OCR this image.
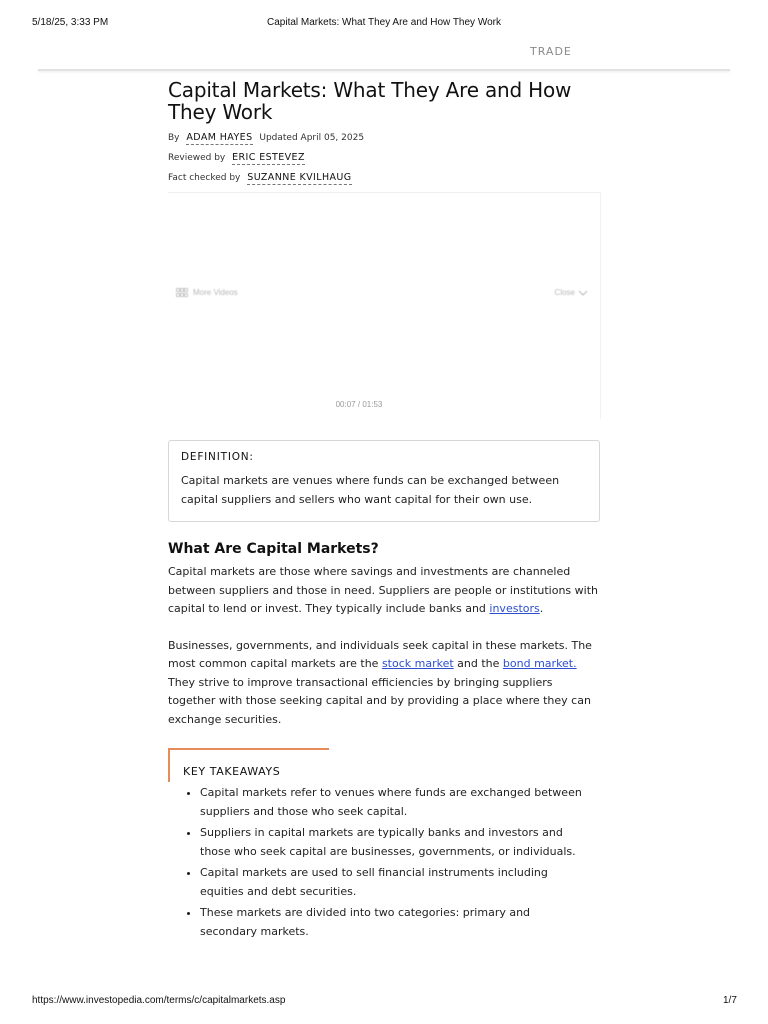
5/18/25, 3:33 PM	Capital Markets: What They Are and How They Work
TRADE
Capital Markets: What They Are and How They Work
By ADAM HAYES Updated April 05, 2025
Reviewed by ERIC ESTEVEZ
Fact checked by SUZANNE KVILHAUG
More Videos	Close
00:07 / 01:53
DEFINITION:
Capital markets are venues where funds can be exchanged between capital suppliers and sellers who want capital for their own use.
What Are Capital Markets?

Capital markets are those where savings and investments are channeled between suppliers and those in need. Suppliers are people or institutions with capital to lend or invest. They typically include banks and investors.

Businesses, governments, and individuals seek capital in these markets. The most common capital markets are the stock market and the bond market. They strive to improve transactional efficiencies by bringing suppliers together with those seeking capital and by providing a place where they can exchange securities.

KEY TAKEAWAYS
• Capital markets refer to venues where funds are exchanged between suppliers and those who seek capital.
• Suppliers in capital markets are typically banks and investors and those who seek capital are businesses, governments, or individuals.
• Capital markets are used to sell financial instruments including equities and debt securities.
• These markets are divided into two categories: primary and secondary markets.
https://www.investopedia.com/terms/c/capitalmarkets.asp	1/7
